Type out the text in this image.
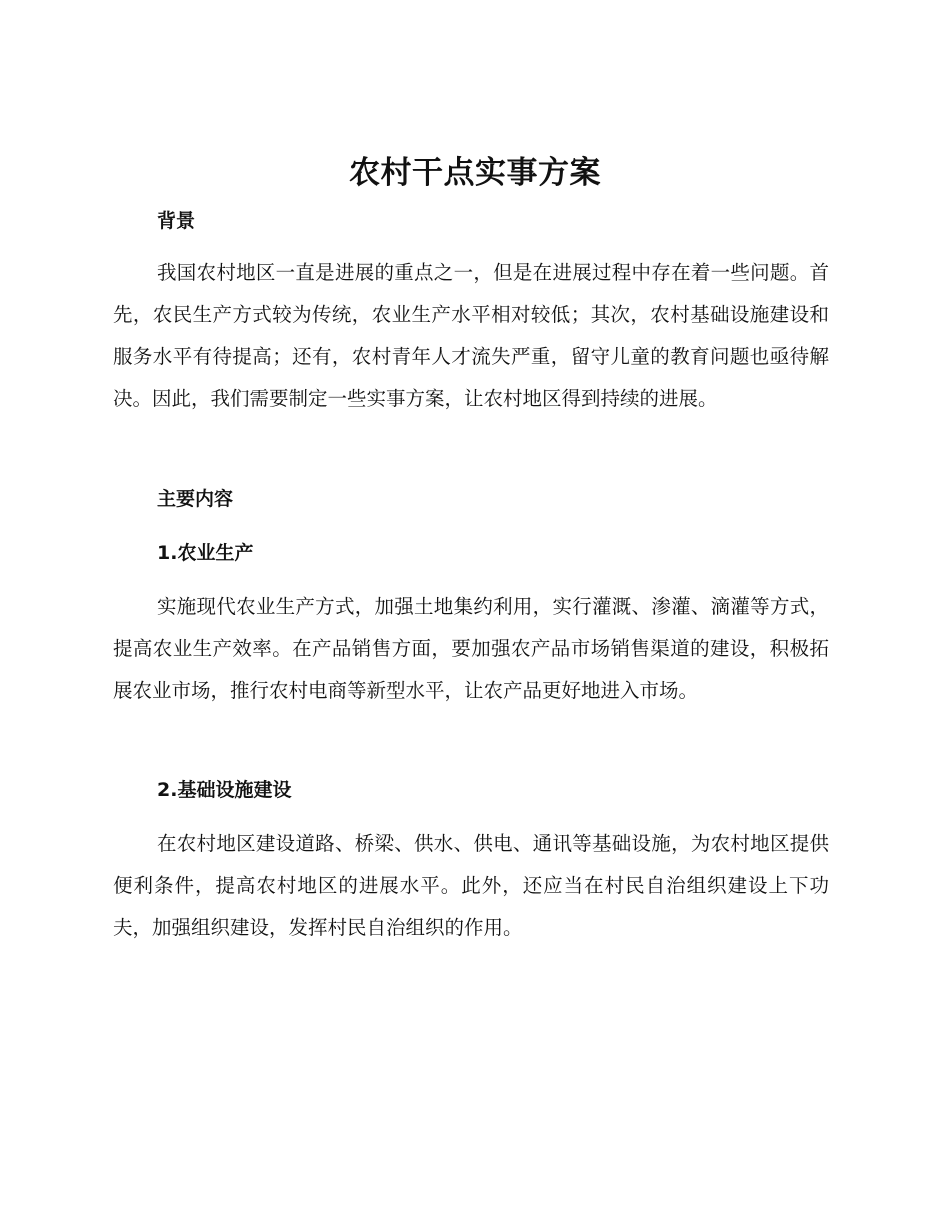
农村干点实事方案
背景

我国农村地区一直是进展的重点之一，但是在进展过程中存在着一些问题。首先，农民生产方式较为传统，农业生产水平相对较低；其次，农村基础设施建设和服务水平有待提高；还有，农村青年人才流失严重，留守儿童的教育问题也亟待解决。因此，我们需要制定一些实事方案，让农村地区得到持续的进展。

主要内容
1.农业生产

实施现代农业生产方式，加强土地集约利用，实行灌溉、渗灌、滴灌等方式，提高农业生产效率。在产品销售方面，要加强农产品市场销售渠道的建设，积极拓展农业市场，推行农村电商等新型水平，让农产品更好地进入市场。

2.基础设施建设

在农村地区建设道路、桥梁、供水、供电、通讯等基础设施，为农村地区提供便利条件，提高农村地区的进展水平。此外，还应当在村民自治组织建设上下功夫，加强组织建设，发挥村民自治组织的作用。
